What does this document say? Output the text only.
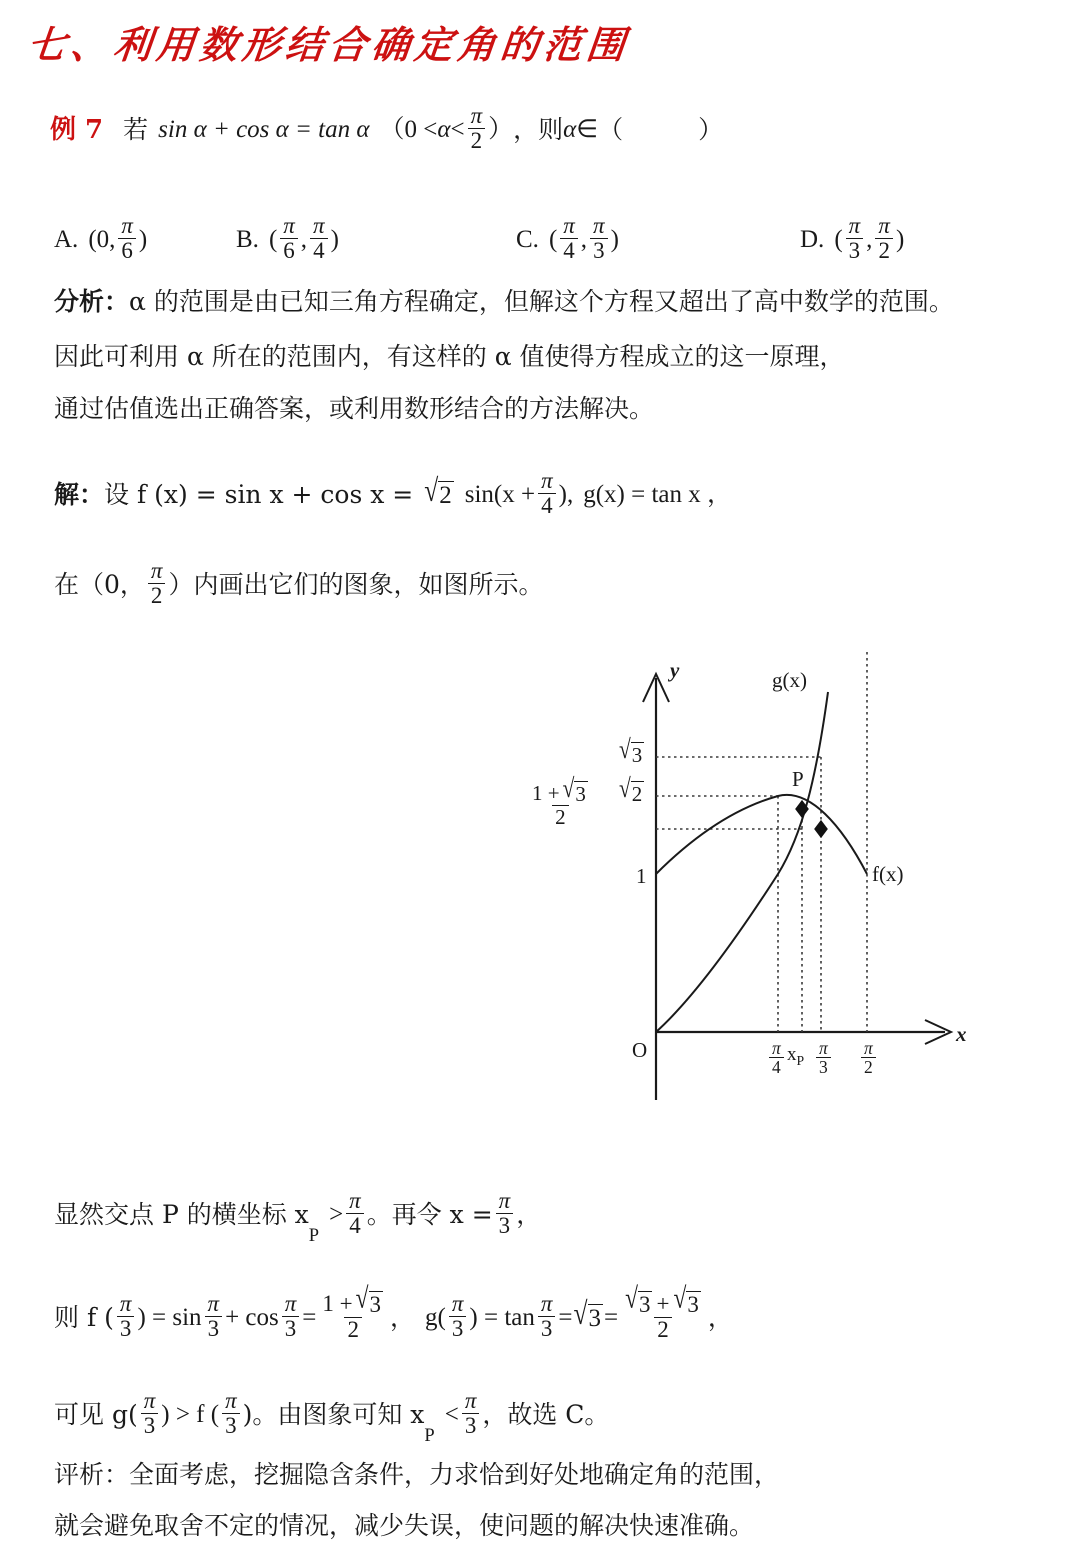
七、利用数形结合确定角的范围
例 7 若 sin α + cos α = tan α （$0 < \alpha < \frac{\pi}{2}$ ） ， 则 α ∈ （　　　）
A. (0, $\frac{\pi}{6}$ )	B. ( $\frac{\pi}{6}$ , $\frac{\pi}{4}$ )	C. ( $\frac{\pi}{4}$ , $\frac{\pi}{3}$ )	D. ( $\frac{\pi}{3}$ , $\frac{\pi}{2}$ )
分析： α 的范围是由已知三角方程确定，但解这个方程又超出了高中数学的范围。
因此可利用 α 所在的范围内，有这样的 α 值使得方程成立的这一原理，
通过估值选出正确答案，或利用数形结合的方法解决。
解： 设 f (x) = sin x + cos x = √ 2 $\sin(x + \frac{\pi}{4}$ ), g(x) = tan x ，
在（0， $\frac{\pi}{2}$ ）内画出它们的图象，如图所示。
y
x
O
g(x)
f(x)
P
√ 3
√ 2
1
$\frac{1 + √ 3}{2}$
$\frac{\pi}{4} x_P \frac{\pi}{3} \frac{\pi}{2}$
显然交点 P 的横坐标 x
P
> $\frac{\pi}{4}$ 。再令 $x = \frac{\pi}{3}$ ，
则 f ( $\frac{\pi}{3}$ ) = $\sin \frac{\pi}{3} + \cos \frac{\pi}{3} = \frac{1 + √ 3}{2}$ ， $g( \frac{\pi}{3}$ ) = $\tan \frac{\pi}{3}$ = √ $3 = \frac{√ 3 + √ 3}{2}$ ，
可见 $g( \frac{\pi}{3}$ ) > f ( $\frac{\pi}{3}$ )。由图象可知 x
P
< $\frac{\pi}{3}$ ，故选 C。
评析： 全面考虑，挖掘隐含条件，力求恰到好处地确定角的范围，
就会避免取舍不定的情况，减少失误，使问题的解决快速准确。
